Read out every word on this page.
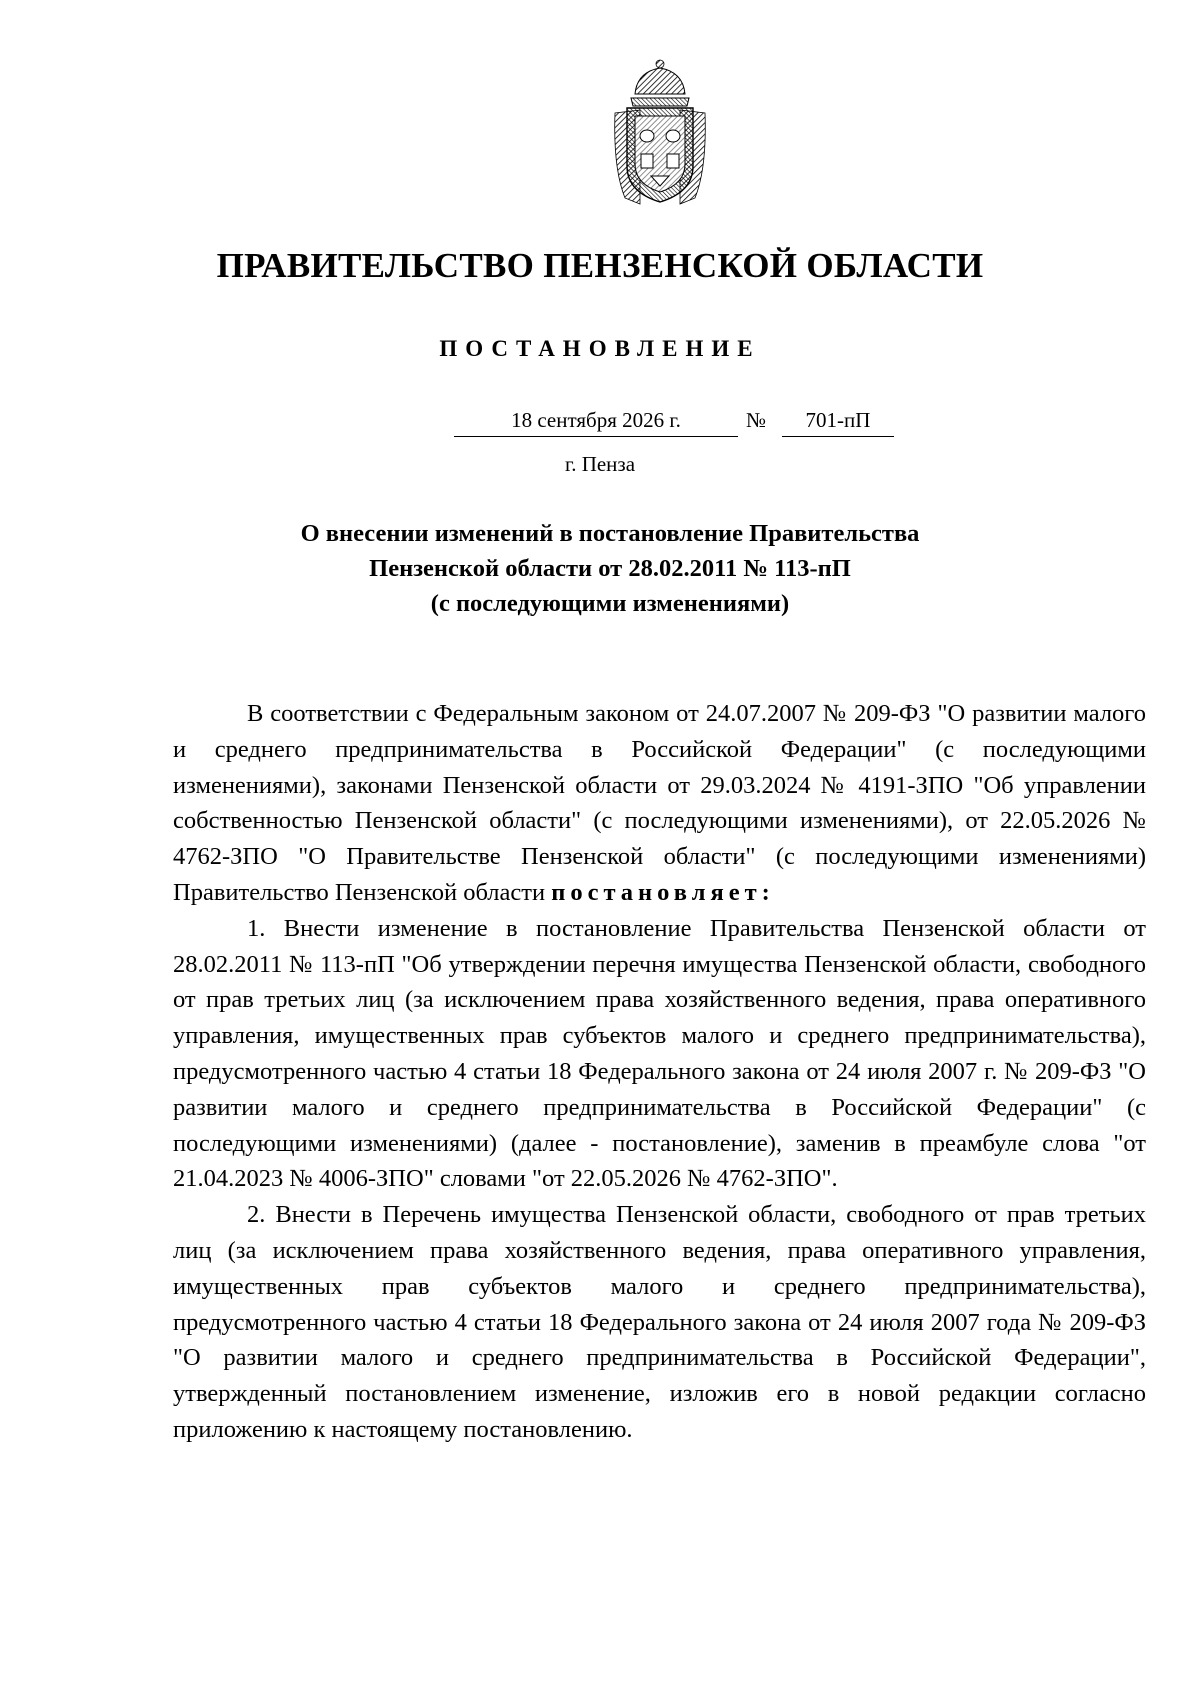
ПРАВИТЕЛЬСТВО ПЕНЗЕНСКОЙ ОБЛАСТИ
ПОСТАНОВЛЕНИЕ
18 сентября 2026 г.	№	701-пП
г. Пенза
О внесении изменений в постановление Правительства
Пензенской области от 28.02.2011 № 113-пП
(с последующими изменениями)

В соответствии с Федеральным законом от 24.07.2007 № 209-ФЗ "О развитии малого и среднего предпринимательства в Российской Федерации" (с последующими изменениями), законами Пензенской области от 29.03.2024 № 4191-ЗПО "Об управлении собственностью Пензенской области" (с последующими изменениями), от 22.05.2026 № 4762-ЗПО "О Правительстве Пензенской области" (с последующими изменениями) Правительство Пензенской области постановляет:

1. Внести изменение в постановление Правительства Пензенской области от 28.02.2011 № 113-пП "Об утверждении перечня имущества Пензенской области, свободного от прав третьих лиц (за исключением права хозяйственного ведения, права оперативного управления, имущественных прав субъектов малого и среднего предпринимательства), предусмотренного частью 4 статьи 18 Федерального закона от 24 июля 2007 г. № 209-ФЗ "О развитии малого и среднего предпринимательства в Российской Федерации" (с последующими изменениями) (далее - постановление), заменив в преамбуле слова "от 21.04.2023 № 4006-ЗПО" словами "от 22.05.2026 № 4762-ЗПО".

2. Внести в Перечень имущества Пензенской области, свободного от прав третьих лиц (за исключением права хозяйственного ведения, права оперативного управления, имущественных прав субъектов малого и среднего предпринимательства), предусмотренного частью 4 статьи 18 Федерального закона от 24 июля 2007 года № 209-ФЗ "О развитии малого и среднего предпринимательства в Российской Федерации", утвержденный постановлением изменение, изложив его в новой редакции согласно приложению к настоящему постановлению.
